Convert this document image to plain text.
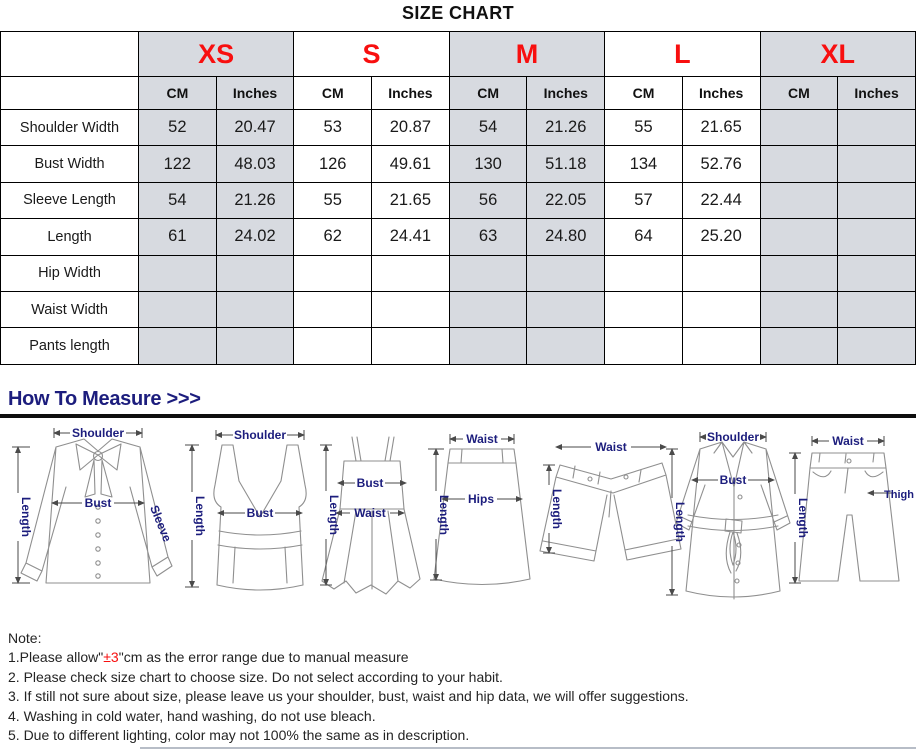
SIZE CHART
	XS		S		M		L		XL	
	CM	Inches	CM	Inches	CM	Inches	CM	Inches	CM	Inches
Shoulder Width	52	20.47	53	20.87	54	21.26	55	21.65		
Bust Width	122	48.03	126	49.61	130	51.18	134	52.76		
Sleeve Length	54	21.26	55	21.65	56	22.05	57	22.44		
Length	61	24.02	62	24.41	63	24.80	64	25.20		
Hip Width										
Waist Width										
Pants length										
How To Measure >>>
Shoulder
Length	Bust
Sleeve
Shoulder
Length	Bust
Bust
Waist
Length
Waist
Hips
Length
Waist
Length
Shoulder
Bust
Length
Waist
Thigh
Length
Note:
1.Please allow"±3"cm as the error range due to manual measure
2. Please check size chart to choose size. Do not select according to your habit.
3. If still not sure about size, please leave us your shoulder, bust, waist and hip data, we will offer suggestions.
4. Washing in cold water, hand washing, do not use bleach.
5. Due to different lighting, color may not 100% the same as in description.
